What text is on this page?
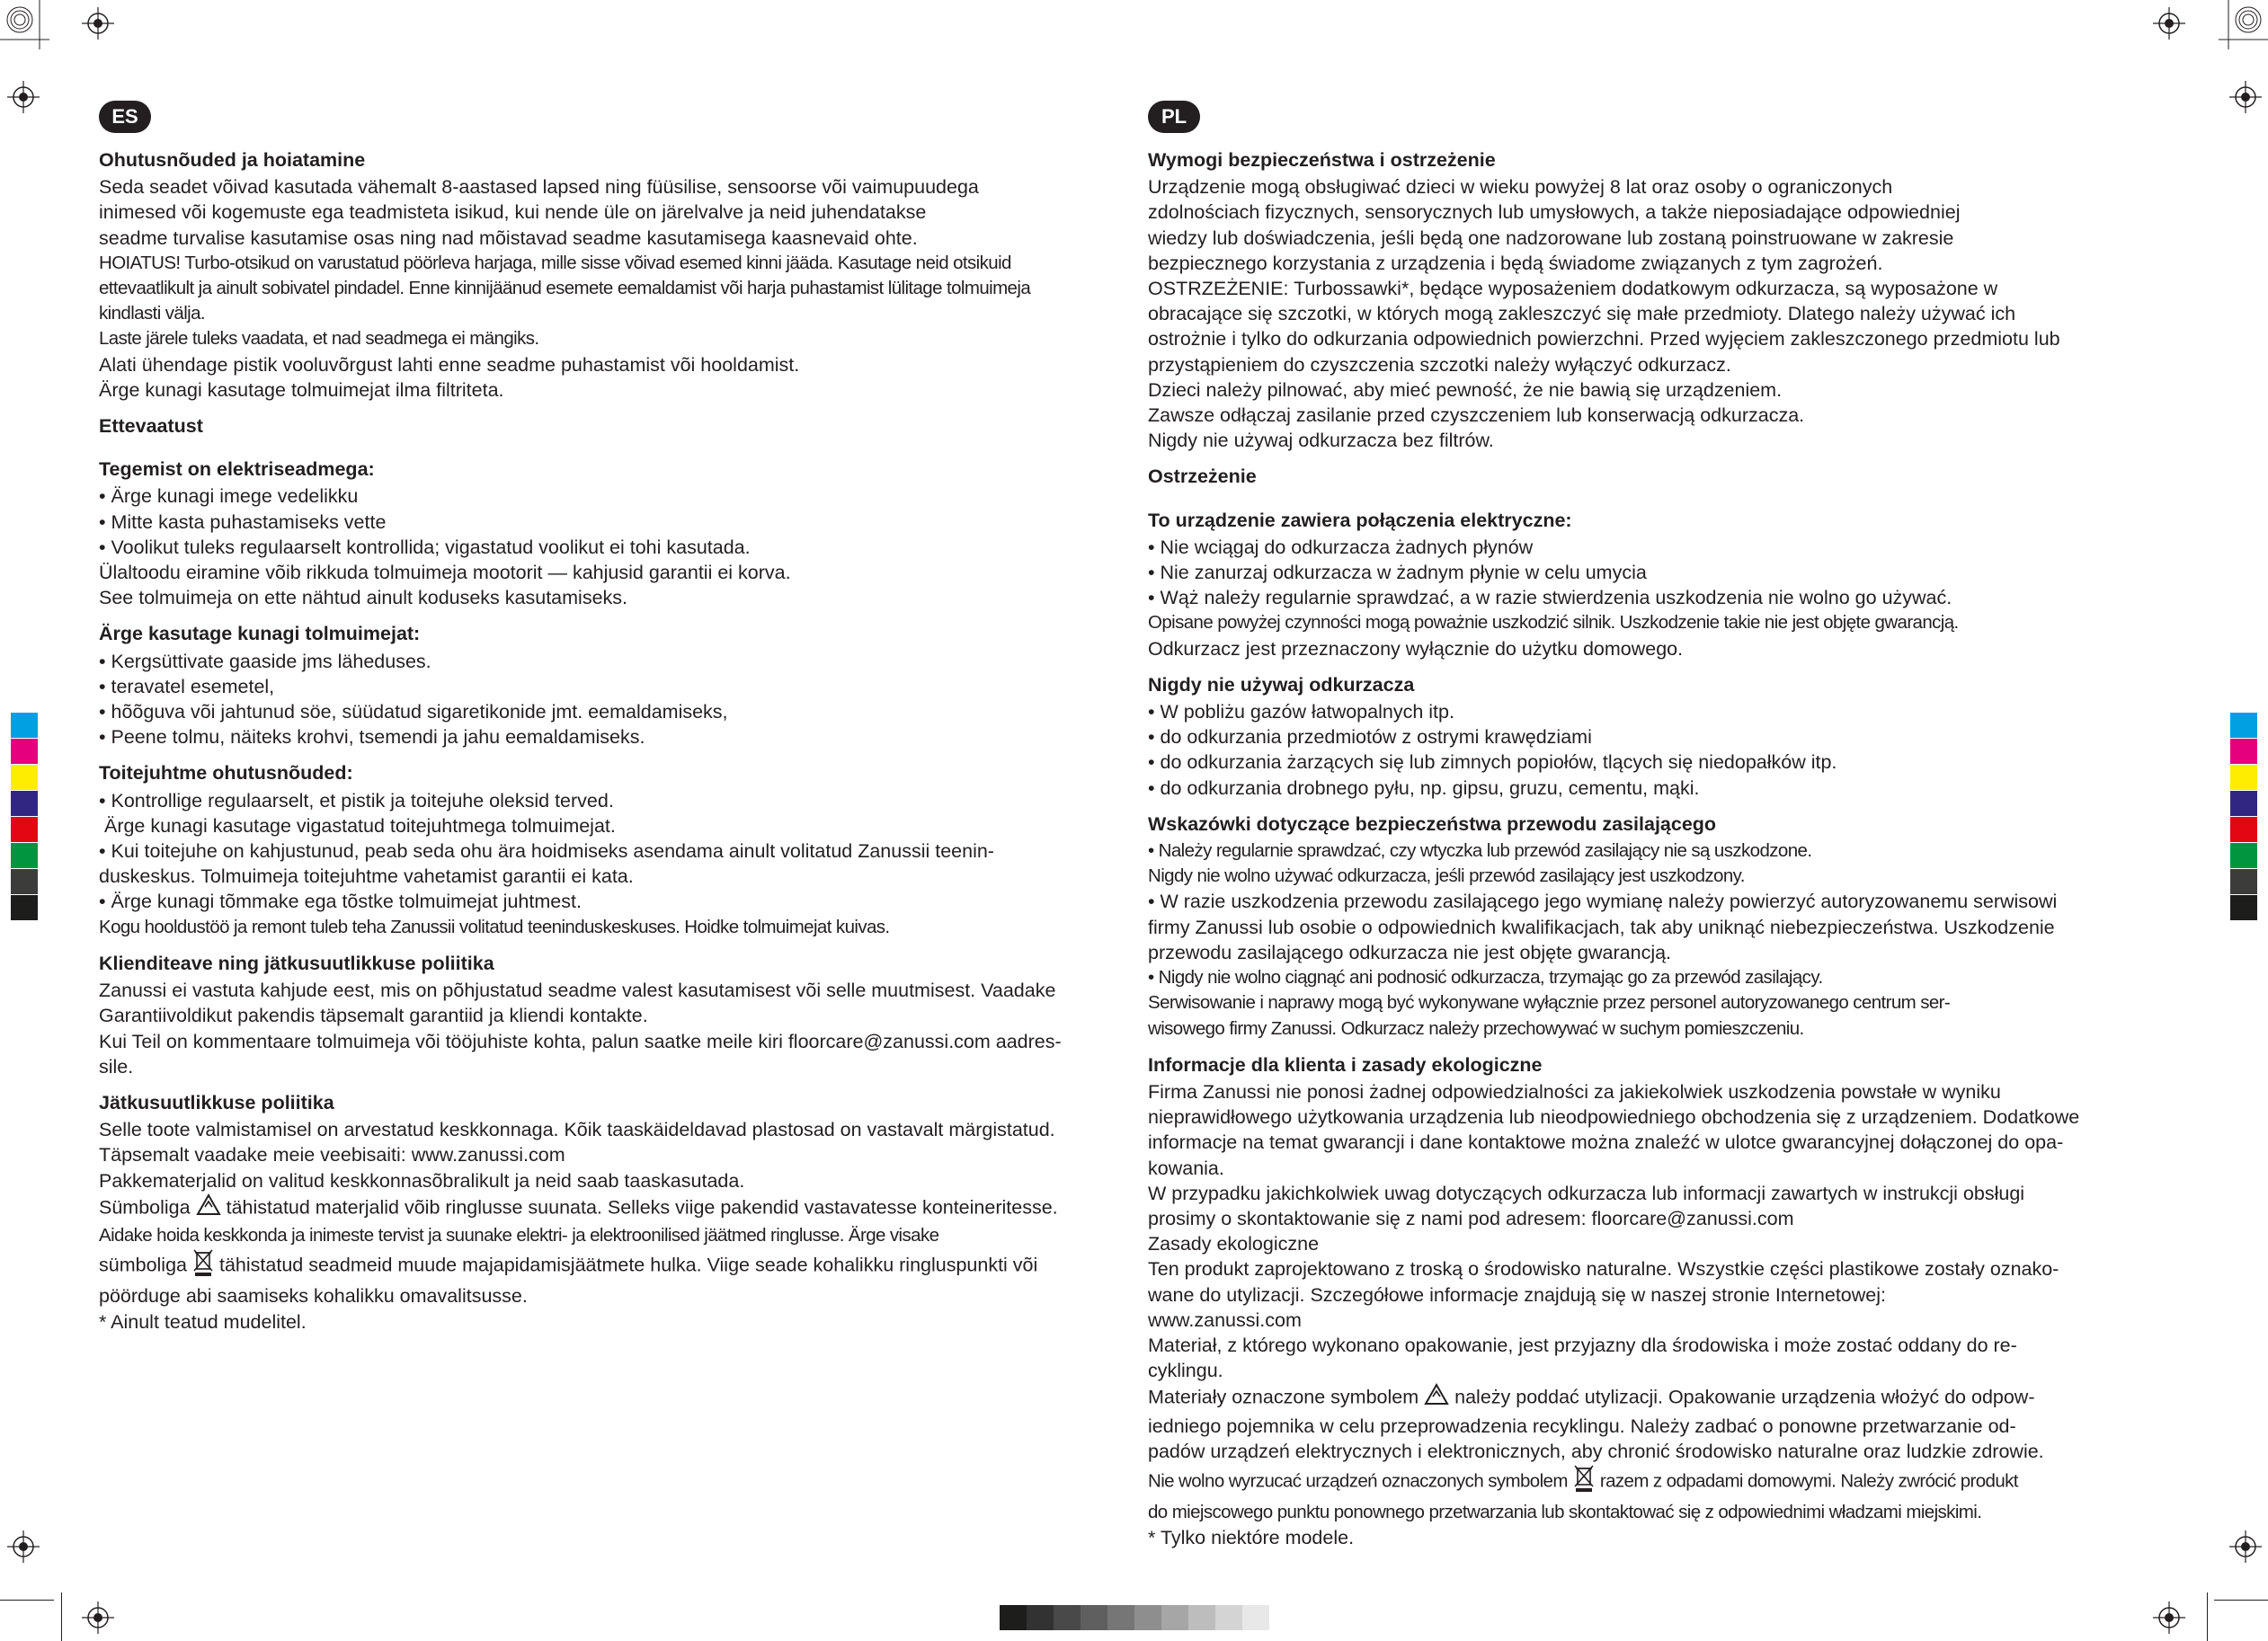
ES
Ohutusnõuded ja hoiatamine

Seda seadet võivad kasutada vähemalt 8-aastased lapsed ning füüsilise, sensoorse või vaimupuudega

inimesed või kogemuste ega teadmisteta isikud, kui nende üle on järelvalve ja neid juhendatakse

seadme turvalise kasutamise osas ning nad mõistavad seadme kasutamisega kaasnevaid ohte.

HOIATUS! Turbo-otsikud on varustatud pöörleva harjaga, mille sisse võivad esemed kinni jääda. Kasutage neid otsikuid

ettevaatlikult ja ainult sobivatel pindadel. Enne kinnijäänud esemete eemaldamist või harja puhastamist lülitage tolmuimeja

kindlasti välja.

Laste järele tuleks vaadata, et nad seadmega ei mängiks.

Alati ühendage pistik vooluvõrgust lahti enne seadme puhastamist või hooldamist.

Ärge kunagi kasutage tolmuimejat ilma filtriteta.

Ettevaatust
Tegemist on elektriseadmega:

• Ärge kunagi imege vedelikku

• Mitte kasta puhastamiseks vette

• Voolikut tuleks regulaarselt kontrollida; vigastatud voolikut ei tohi kasutada.

Ülaltoodu eiramine võib rikkuda tolmuimeja mootorit — kahjusid garantii ei korva.

See tolmuimeja on ette nähtud ainult koduseks kasutamiseks.

Ärge kasutage kunagi tolmuimejat:

• Kergsüttivate gaaside jms läheduses.

• teravatel esemetel,

• hõõguva või jahtunud söe, süüdatud sigaretikonide jmt. eemaldamiseks,

• Peene tolmu, näiteks krohvi, tsemendi ja jahu eemaldamiseks.

Toitejuhtme ohutusnõuded:

• Kontrollige regulaarselt, et pistik ja toitejuhe oleksid terved.

Ärge kunagi kasutage vigastatud toitejuhtmega tolmuimejat.

• Kui toitejuhe on kahjustunud, peab seda ohu ära hoidmiseks asendama ainult volitatud Zanussii teenin-

duskeskus. Tolmuimeja toitejuhtme vahetamist garantii ei kata.

• Ärge kunagi tõmmake ega tõstke tolmuimejat juhtmest.

Kogu hooldustöö ja remont tuleb teha Zanussii volitatud teeninduskeskuses. Hoidke tolmuimejat kuivas.

Klienditeave ning jätkusuutlikkuse poliitika

Zanussi ei vastuta kahjude eest, mis on põhjustatud seadme valest kasutamisest või selle muutmisest. Vaadake

Garantiivoldikut pakendis täpsemalt garantiid ja kliendi kontakte.

Kui Teil on kommentaare tolmuimeja või tööjuhiste kohta, palun saatke meile kiri floorcare@zanussi.com aadres-

sile.

Jätkusuutlikkuse poliitika

Selle toote valmistamisel on arvestatud keskkonnaga. Kõik taaskäideldavad plastosad on vastavalt märgistatud.

Täpsemalt vaadake meie veebisaiti: www.zanussi.com

Pakkematerjalid on valitud keskkonnasõbralikult ja neid saab taaskasutada.

Sümboliga tähistatud materjalid võib ringlusse suunata. Selleks viige pakendid vastavatesse konteineritesse.

Aidake hoida keskkonda ja inimeste tervist ja suunake elektri- ja elektroonilised jäätmed ringlusse. Ärge visake

sümboliga tähistatud seadmeid muude majapidamisjäätmete hulka. Viige seade kohalikku ringluspunkti või

pöörduge abi saamiseks kohalikku omavalitsusse.

* Ainult teatud mudelitel.

PL
Wymogi bezpieczeństwa i ostrzeżenie

Urządzenie mogą obsługiwać dzieci w wieku powyżej 8 lat oraz osoby o ograniczonych

zdolnościach fizycznych, sensorycznych lub umysłowych, a także nieposiadające odpowiedniej

wiedzy lub doświadczenia, jeśli będą one nadzorowane lub zostaną poinstruowane w zakresie

bezpiecznego korzystania z urządzenia i będą świadome związanych z tym zagrożeń.

OSTRZEŻENIE: Turbossawki*, będące wyposażeniem dodatkowym odkurzacza, są wyposażone w

obracające się szczotki, w których mogą zakleszczyć się małe przedmioty. Dlatego należy używać ich

ostrożnie i tylko do odkurzania odpowiednich powierzchni. Przed wyjęciem zakleszczonego przedmiotu lub

przystąpieniem do czyszczenia szczotki należy wyłączyć odkurzacz.

Dzieci należy pilnować, aby mieć pewność, że nie bawią się urządzeniem.

Zawsze odłączaj zasilanie przed czyszczeniem lub konserwacją odkurzacza.

Nigdy nie używaj odkurzacza bez filtrów.

Ostrzeżenie
To urządzenie zawiera połączenia elektryczne:

• Nie wciągaj do odkurzacza żadnych płynów

• Nie zanurzaj odkurzacza w żadnym płynie w celu umycia

• Wąż należy regularnie sprawdzać, a w razie stwierdzenia uszkodzenia nie wolno go używać.

Opisane powyżej czynności mogą poważnie uszkodzić silnik. Uszkodzenie takie nie jest objęte gwarancją.

Odkurzacz jest przeznaczony wyłącznie do użytku domowego.

Nigdy nie używaj odkurzacza

• W pobliżu gazów łatwopalnych itp.

• do odkurzania przedmiotów z ostrymi krawędziami

• do odkurzania żarzących się lub zimnych popiołów, tlących się niedopałków itp.

• do odkurzania drobnego pyłu, np. gipsu, gruzu, cementu, mąki.

Wskazówki dotyczące bezpieczeństwa przewodu zasilającego

• Należy regularnie sprawdzać, czy wtyczka lub przewód zasilający nie są uszkodzone.

Nigdy nie wolno używać odkurzacza, jeśli przewód zasilający jest uszkodzony.

• W razie uszkodzenia przewodu zasilającego jego wymianę należy powierzyć autoryzowanemu serwisowi

firmy Zanussi lub osobie o odpowiednich kwalifikacjach, tak aby uniknąć niebezpieczeństwa. Uszkodzenie

przewodu zasilającego odkurzacza nie jest objęte gwarancją.

• Nigdy nie wolno ciągnąć ani podnosić odkurzacza, trzymając go za przewód zasilający.

Serwisowanie i naprawy mogą być wykonywane wyłącznie przez personel autoryzowanego centrum ser-

wisowego firmy Zanussi. Odkurzacz należy przechowywać w suchym pomieszczeniu.

Informacje dla klienta i zasady ekologiczne

Firma Zanussi nie ponosi żadnej odpowiedzialności za jakiekolwiek uszkodzenia powstałe w wyniku

nieprawidłowego użytkowania urządzenia lub nieodpowiedniego obchodzenia się z urządzeniem. Dodatkowe

informacje na temat gwarancji i dane kontaktowe można znaleźć w ulotce gwarancyjnej dołączonej do opa-

kowania.

W przypadku jakichkolwiek uwag dotyczących odkurzacza lub informacji zawartych w instrukcji obsługi

prosimy o skontaktowanie się z nami pod adresem: floorcare@zanussi.com

Zasady ekologiczne

Ten produkt zaprojektowano z troską o środowisko naturalne. Wszystkie części plastikowe zostały oznako-

wane do utylizacji. Szczegółowe informacje znajdują się w naszej stronie Internetowej:

www.zanussi.com

Materiał, z którego wykonano opakowanie, jest przyjazny dla środowiska i może zostać oddany do re-

cyklingu.

Materiały oznaczone symbolem należy poddać utylizacji. Opakowanie urządzenia włożyć do odpow-

iedniego pojemnika w celu przeprowadzenia recyklingu. Należy zadbać o ponowne przetwarzanie od-

padów urządzeń elektrycznych i elektronicznych, aby chronić środowisko naturalne oraz ludzkie zdrowie.

Nie wolno wyrzucać urządzeń oznaczonych symbolem razem z odpadami domowymi. Należy zwrócić produkt

do miejscowego punktu ponownego przetwarzania lub skontaktować się z odpowiednimi władzami miejskimi.

* Tylko niektóre modele.
